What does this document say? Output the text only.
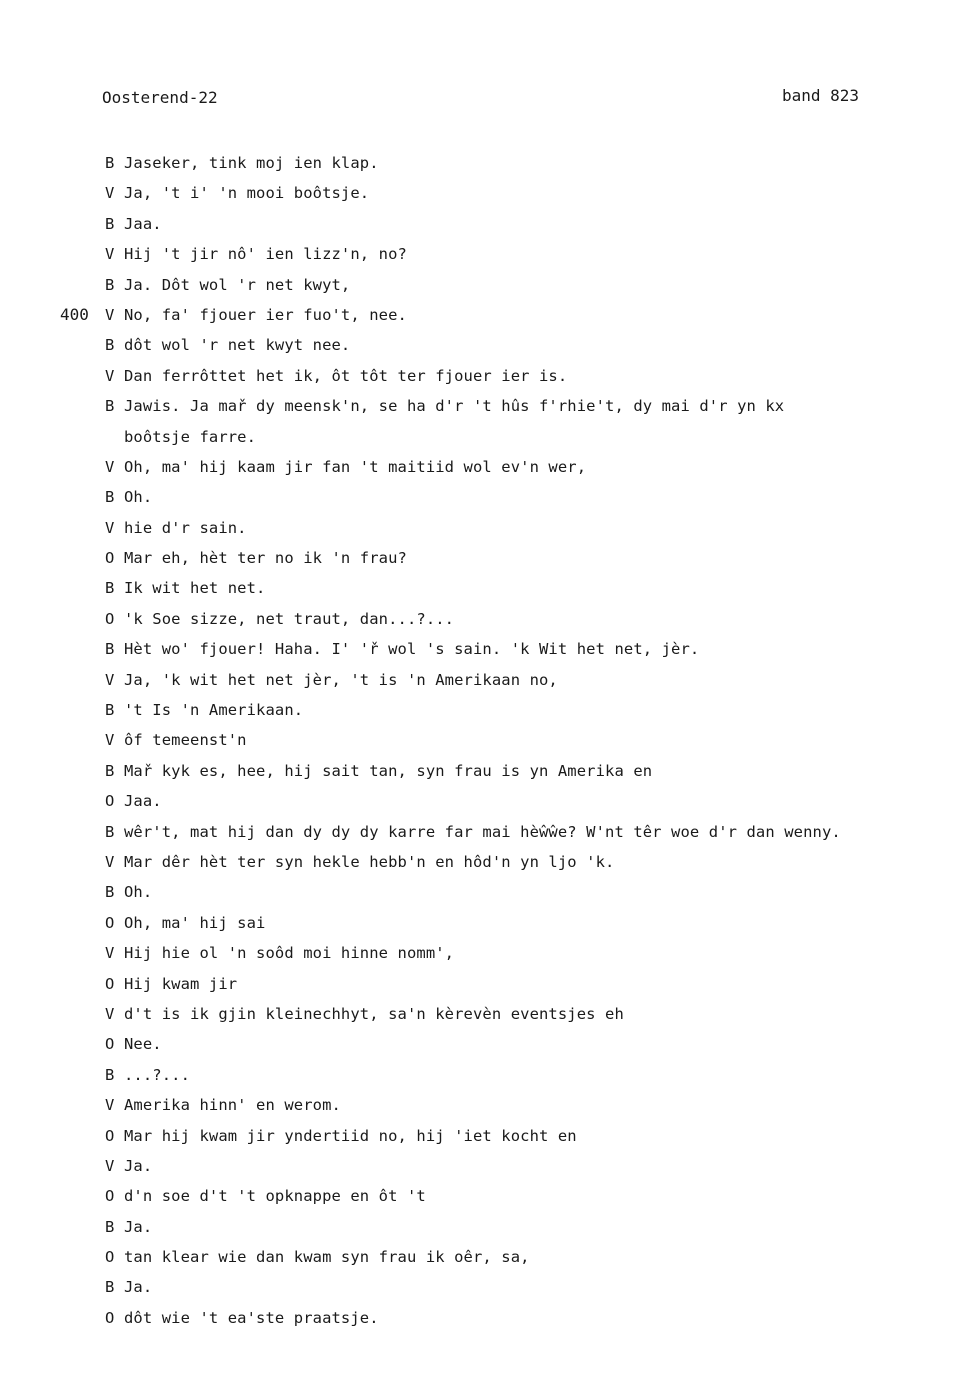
Oosterend-22	band 823
B Jaseker, tink moj ien klap.
V Ja, 't i' 'n mooi boôtsje.
B Jaa.
V Hij 't jir nô' ien lizz'n, no?
B Ja. Dôt wol 'r net kwyt,
400	V No, fa' fjouer ier fuo't, nee.
B dôt wol 'r net kwyt nee.
V Dan ferrôttet het ik, ôt tôt ter fjouer ier is.
B Jawis. Ja mař dy meensk'n, se ha d'r 't hûs f'rhie't, dy mai d'r yn kx
boôtsje farre.
V Oh, ma' hij kaam jir fan 't maitiid wol ev'n wer,
B Oh.
V hie d'r sain.
O Mar eh, hèt ter no ik 'n frau?
B Ik wit het net.
O 'k Soe sizze, net traut, dan...?...
B Hèt wo' fjouer! Haha. I' 'ř wol 's sain. 'k Wit het net, jèr.
V Ja, 'k wit het net jèr, 't is 'n Amerikaan no,
B 't Is 'n Amerikaan.
V ôf temeenst'n
B Mař kyk es, hee, hij sait tan, syn frau is yn Amerika en
O Jaa.
B wêr't, mat hij dan dy dy dy karre far mai hèŵŵe? W'nt têr woe d'r dan wenny.
V Mar dêr hèt ter syn hekle hebb'n en hôd'n yn ljo 'k.
B Oh.
O Oh, ma' hij sai
V Hij hie ol 'n soôd moi hinne nomm',
O Hij kwam jir
V d't is ik gjin kleinechhyt, sa'n kèrevèn eventsjes eh
O Nee.
B ...?...
V Amerika hinn' en werom.
O Mar hij kwam jir yndertiid no, hij 'iet kocht en
V Ja.
O d'n soe d't 't opknappe en ôt 't
B Ja.
O tan klear wie dan kwam syn frau ik oêr, sa,
B Ja.
O dôt wie 't ea'ste praatsje.
